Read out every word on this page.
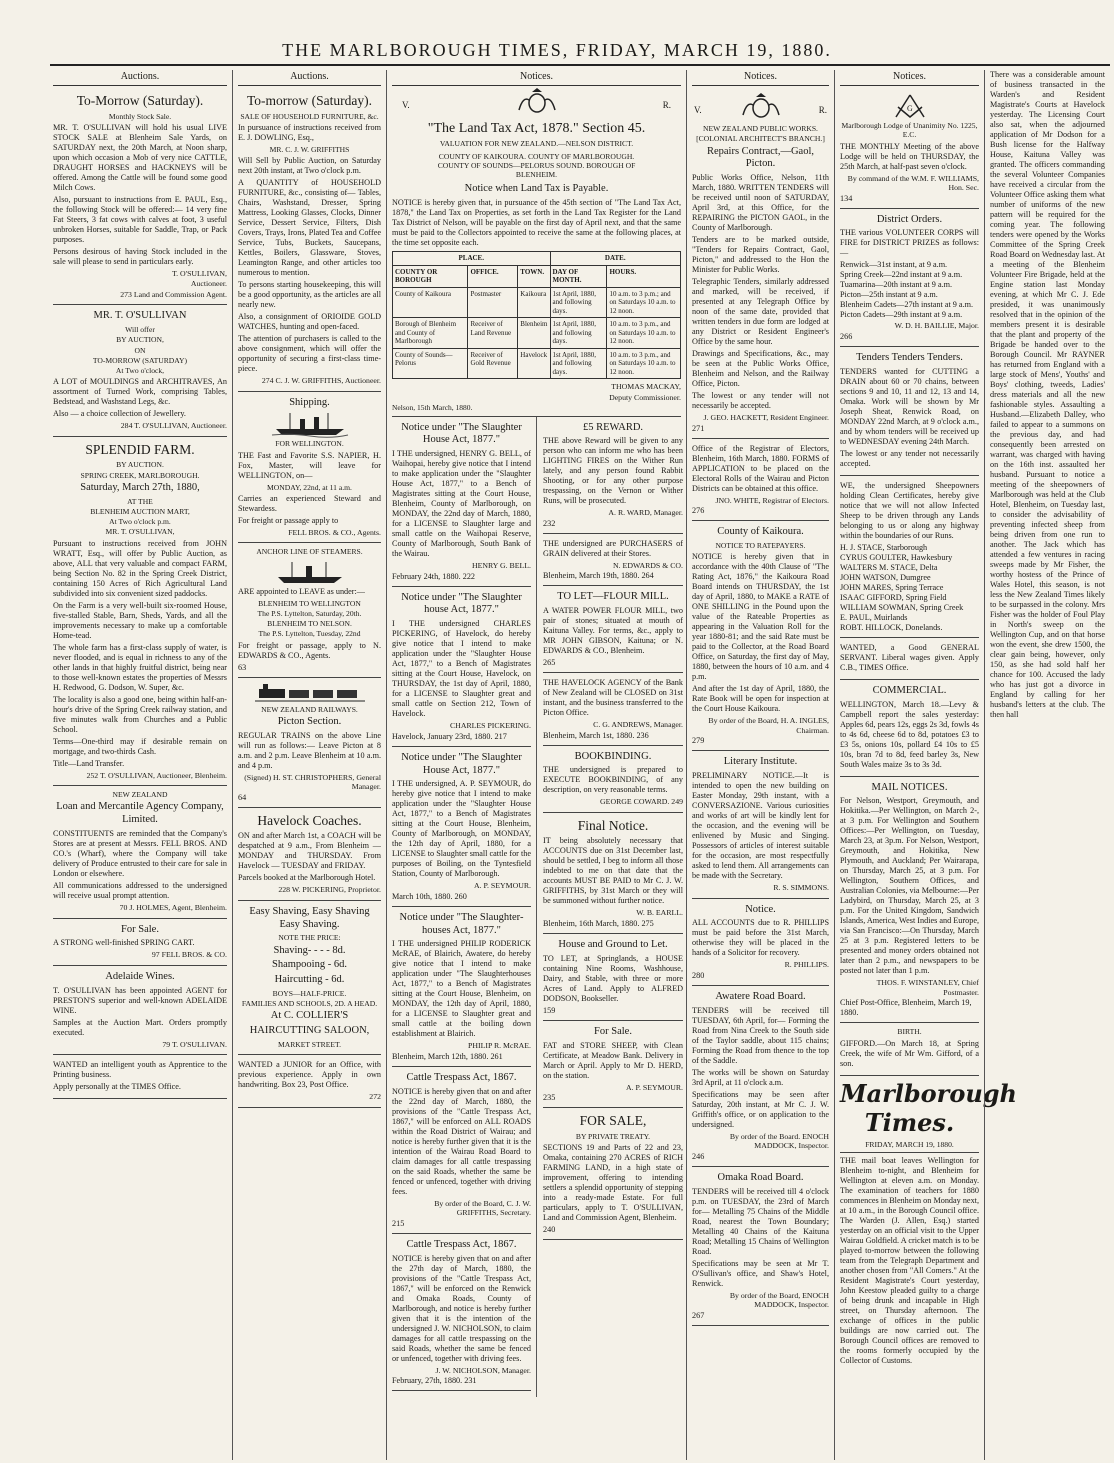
THE MARLBOROUGH TIMES, FRIDAY, MARCH 19, 1880.
Auctions.
To-Morrow (Saturday).
Monthly Stock Sale.

MR. T. O'SULLIVAN will hold his usual LIVE STOCK SALE at Blenheim Sale Yards, on SATURDAY next, the 20th March, at Noon sharp, upon which occasion a Mob of very nice CATTLE, DRAUGHT HORSES and HACKNEYS will be offered. Among the Cattle will be found some good Milch Cows.

Also, pursuant to instructions from E. PAUL, Esq., the following Stock will be offered:— 14 very fine Fat Steers, 3 fat cows with calves at foot, 3 useful unbroken Horses, suitable for Saddle, Trap, or Pack purposes.

Persons desirous of having Stock included in the sale will please to send in particulars early.

T. O'SULLIVAN,
Auctioneer.
273 Land and Commission Agent.
MR. T. O'SULLIVAN
Will offer
BY AUCTION,
ON
TO-MORROW (SATURDAY)
At Two o'clock,

A LOT of MOULDINGS and ARCHITRAVES, An assortment of Turned Work, comprising Tables, Bedstead, and Washstand Legs, &c.

Also — a choice collection of Jewellery.

284 T. O'SULLIVAN, Auctioneer.
SPLENDID FARM.
BY AUCTION.
SPRING CREEK, MARLBOROUGH.
Saturday, March 27th, 1880,
AT THE
BLENHEIM AUCTION MART,
At Two o'clock p.m.
MR. T. O'SULLIVAN,

Pursuant to instructions received from JOHN WRATT, Esq., will offer by Public Auction, as above, ALL that very valuable and compact FARM, being Section No. 82 in the Spring Creek District, containing 150 Acres of Rich Agricultural Land subdivided into six convenient sized paddocks.

On the Farm is a very well-built six-roomed House, five-stalled Stable, Barn, Sheds, Yards, and all the improvements necessary to make up a comfortable Home-tead.

The whole farm has a first-class supply of water, is never flooded, and is equal in richness to any of the other lands in that highly fruitful district, being near to those well-known estates the properties of Messrs H. Redwood, G. Dodson, W. Super, &c.

The locality is also a good one, being within half-an-hour's drive of the Spring Creek railway station, and five minutes walk from Churches and a Public School.

Terms—One-third may if desirable remain on mortgage, and two-thirds Cash.

Title—Land Transfer.

252 T. O'SULLIVAN, Auctioneer, Blenheim.
NEW ZEALAND
Loan and Mercantile Agency Company, Limited.

CONSTITUENTS are reminded that the Company's Stores are at present at Messrs. FELL BROS. AND CO.'s (Wharf), where the Company will take delivery of Produce entrusted to their care for sale in London or elsewhere.

All communications addressed to the undersigned will receive usual prompt attention.

70 J. HOLMES, Agent, Blenheim.
For Sale.

A STRONG well-finished SPRING CART.

97 FELL BROS. & CO.
Adelaide Wines.

T. O'SULLIVAN has been appointed AGENT for PRESTON'S superior and well-known ADELAIDE WINE.

Samples at the Auction Mart. Orders promptly executed.

79 T. O'SULLIVAN.

WANTED an intelligent youth as Apprentice to the Printing business.

Apply personally at the TIMES Office.

Auctions.
To-morrow (Saturday).
SALE OF HOUSEHOLD FURNITURE, &c.

In pursuance of instructions received from E. J. DOWLING, Esq.,

MR. C. J. W. GRIFFITHS

Will Sell by Public Auction, on Saturday next 20th instant, at Two o'clock p.m.

A QUANTITY of HOUSEHOLD FURNITURE, &c., consisting of— Tables, Chairs, Washstand, Dresser, Spring Mattress, Looking Glasses, Clocks, Dinner Service, Dessert Service, Filters, Dish Covers, Trays, Irons, Plated Tea and Coffee Service, Tubs, Buckets, Saucepans, Kettles, Boilers, Glassware, Stoves, Leamington Range, and other articles too numerous to mention.

To persons starting housekeeping, this will be a good opportunity, as the articles are all nearly new.

Also, a consignment of ORIOIDE GOLD WATCHES, hunting and open-faced.

The attention of purchasers is called to the above consignment, which will offer the opportunity of securing a first-class time-piece.

274 C. J. W. GRIFFITHS, Auctioneer.
Shipping.
FOR WELLINGTON.

THE Fast and Favorite S.S. NAPIER, H. Fox, Master, will leave for WELLINGTON, on—

MONDAY, 22nd, at 11 a.m.

Carries an experienced Steward and Stewardess.

For freight or passage apply to

FELL BROS. & CO., Agents.
ANCHOR LINE OF STEAMERS.

ARE appointed to LEAVE as under:—

BLENHEIM TO WELLINGTON
The P.S. Lyttelton, Saturday, 20th.
BLENHEIM TO NELSON.
The P.S. Lyttelton, Tuesday, 22nd

For freight or passage, apply to N. EDWARDS & CO., Agents.

63
NEW ZEALAND RAILWAYS.
Picton Section.

REGULAR TRAINS on the above Line will run as follows:— Leave Picton at 8 a.m. and 2 p.m. Leave Blenheim at 10 a.m. and 4 p.m.

(Signed) H. ST. CHRISTOPHERS, General Manager.
64
Havelock Coaches.

ON and after March 1st, a COACH will be despatched at 9 a.m., From Blenheim — MONDAY and THURSDAY. From Havelock — TUESDAY and FRIDAY.

Parcels booked at the Marlborough Hotel.

228 W. PICKERING, Proprietor.
Easy Shaving, Easy Shaving Easy Shaving.
NOTE THE PRICE:
Shaving- - - - 8d.
Shampooing - 6d.
Haircutting - 6d.
BOYS—HALF-PRICE.
FAMILIES AND SCHOOLS, 2D. A HEAD.
At C. COLLIER'S
HAIRCUTTING SALOON,
MARKET STREET.

WANTED a JUNIOR for an Office, with previous experience. Apply in own handwriting. Box 23, Post Office.

272
Notices.
V.	R.
"The Land Tax Act, 1878." Section 45.
VALUATION FOR NEW ZEALAND.—NELSON DISTRICT.
COUNTY OF KAIKOURA. COUNTY OF MARLBOROUGH. COUNTY OF SOUNDS—PELORUS SOUND. BOROUGH OF BLENHEIM.
Notice when Land Tax is Payable.

NOTICE is hereby given that, in pursuance of the 45th section of "The Land Tax Act, 1878," the Land Tax on Properties, as set forth in the Land Tax Register for the Land Tax District of Nelson, will be payable on the first day of April next, and that the same must be paid to the Collectors appointed to receive the same at the following places, at the time set opposite each.

PLACE.			DATE.	
COUNTY OR BOROUGH	OFFICE.	TOWN.	DAY OF MONTH.	HOURS.
County of Kaikoura	Postmaster	Kaikoura	1st April, 1880, and following days.	10 a.m. to 3 p.m.; and on Saturdays 10 a.m. to 12 noon.
Borough of Blenheim and County of Marlborough	Receiver of Land Revenue	Blenheim	1st April, 1880, and following days.	10 a.m. to 3 p.m., and on Saturdays 10 a.m. to 12 noon.
County of Sounds—Pelorus	Receiver of Gold Revenue	Havelock	1st April, 1880, and following days.	10 a.m. to 3 p.m., and on Saturdays 10 a.m. to 12 noon.
THOMAS MACKAY,
Deputy Commissioner.
Nelson, 15th March, 1880.
Notice under "The Slaughter House Act, 1877."

I THE undersigned, HENRY G. BELL, of Waihopai, hereby give notice that I intend to make application under the "Slaughter House Act, 1877," to a Bench of Magistrates sitting at the Court House, Blenheim, County of Marlborough, on MONDAY, the 22nd day of March, 1880, for a LICENSE to Slaughter large and small cattle on the Waihopai Reserve, County of Marlborough, South Bank of the Wairau.

HENRY G. BELL.
February 24th, 1880. 222
Notice under "The Slaughter house Act, 1877."

I THE undersigned CHARLES PICKERING, of Havelock, do hereby give notice that I intend to make application under the "Slaughter House Act, 1877," to a Bench of Magistrates sitting at the Court House, Havelock, on THURSDAY, the 1st day of April, 1880, for a LICENSE to Slaughter great and small cattle on Section 212, Town of Havelock.

CHARLES PICKERING.
Havelock, January 23rd, 1880. 217
Notice under "The Slaughter House Act, 1877."

I THE undersigned, A. P. SEYMOUR, do hereby give notice that I intend to make application under the "Slaughter House Act, 1877," to a Bench of Magistrates sitting at the Court House, Blenheim, County of Marlborough, on MONDAY, the 12th day of April, 1880, for a LICENSE to Slaughter small cattle for the purposes of Boiling, on the Tyntesfield Station, County of Marlborough.

A. P. SEYMOUR.
March 10th, 1880. 260
Notice under "The Slaughter-houses Act, 1877."

I THE undersigned PHILIP RODERICK McRAE, of Blairich, Awatere, do hereby give notice that I intend to make application under "The Slaughterhouses Act, 1877," to a Bench of Magistrates sitting at the Court House, Blenheim, on MONDAY, the 12th day of April, 1880, for a LICENSE to Slaughter great and small cattle at the boiling down establishment at Blairich.

PHILIP R. McRAE.
Blenheim, March 12th, 1880. 261
Cattle Trespass Act, 1867.

NOTICE is hereby given that on and after the 22nd day of March, 1880, the provisions of the "Cattle Trespass Act, 1867," will be enforced on ALL ROADS within the Road District of Wairau; and notice is hereby further given that it is the intention of the Wairau Road Board to claim damages for all cattle trespassing on the said Roads, whether the same be fenced or unfenced, together with driving fees.

By order of the Board, C. J. W. GRIFFITHS, Secretary.
215
Cattle Trespass Act, 1867.

NOTICE is hereby given that on and after the 27th day of March, 1880, the provisions of the "Cattle Trespass Act, 1867," will be enforced on the Renwick and Omaka Roads, County of Marlborough, and notice is hereby further given that it is the intention of the undersigned J. W. NICHOLSON, to claim damages for all cattle trespassing on the said Roads, whether the same be fenced or unfenced, together with driving fees.

J. W. NICHOLSON, Manager.
February, 27th, 1880. 231
£5 REWARD.

THE above Reward will be given to any person who can inform me who has been LIGHTING FIRES on the Wither Run lately, and any person found Rabbit Shooting, or for any other purpose trespassing, on the Vernon or Wither Runs, will be prosecuted.

A. R. WARD, Manager.
232

THE undersigned are PURCHASERS of GRAIN delivered at their Stores.

N. EDWARDS & CO.
Blenheim, March 19th, 1880. 264
TO LET—FLOUR MILL.

A WATER POWER FLOUR MILL, two pair of stones; situated at mouth of Kaituna Valley. For terms, &c., apply to MR JOHN GIBSON, Kaituna; or N. EDWARDS & CO., Blenheim.

265

THE HAVELOCK AGENCY of the Bank of New Zealand will be CLOSED on 31st instant, and the business transferred to the Picton Office.

C. G. ANDREWS, Manager.
Blenheim, March 1st, 1880. 236
BOOKBINDING.

THE undersigned is prepared to EXECUTE BOOKBINDING, of any description, on very reasonable terms.

GEORGE COWARD. 249
Final Notice.

IT being absolutely necessary that ACCOUNTS due on 31st December last, should be settled, I beg to inform all those indebted to me on that date that the accounts MUST BE PAID to Mr C. J. W. GRIFFITHS, by 31st March or they will be summoned without further notice.

W. B. EARLL.
Blenheim, 16th March, 1880. 275
House and Ground to Let.

TO LET, at Springlands, a HOUSE containing Nine Rooms, Washhouse, Dairy, and Stable, with three or more Acres of Land. Apply to ALFRED DODSON, Bookseller.

159
For Sale.

FAT and STORE SHEEP, with Clean Certificate, at Meadow Bank. Delivery in March or April. Apply to Mr D. HERD, on the station.

A. P. SEYMOUR.
235
FOR SALE,
BY PRIVATE TREATY.

SECTIONS 19 and Parts of 22 and 23, Omaka, containing 270 ACRES of RICH FARMING LAND, in a high state of improvement, offering to intending settlers a splendid opportunity of stepping into a ready-made Estate. For full particulars, apply to T. O'SULLIVAN, Land and Commission Agent, Blenheim.

240
Notices.
V.	R.
NEW ZEALAND PUBLIC WORKS.
[COLONIAL ARCHITECT'S BRANCH.]
Repairs Contract,—Gaol, Picton.

Public Works Office, Nelson, 11th March, 1880. WRITTEN TENDERS will be received until noon of SATURDAY, April 3rd, at this Office, for the REPAIRING the PICTON GAOL, in the County of Marlborough.

Tenders are to be marked outside, "Tenders for Repairs Contract, Gaol, Picton," and addressed to the Hon the Minister for Public Works.

Telegraphic Tenders, similarly addressed and marked, will be received, if presented at any Telegraph Office by noon of the same date, provided that written tenders in due form are lodged at any District or Resident Engineer's Office by the same hour.

Drawings and Specifications, &c., may be seen at the Public Works Office, Blenheim and Nelson, and the Railway Office, Picton.

The lowest or any tender will not necessarily be accepted.

J. GEO. HACKETT, Resident Engineer.
271

Office of the Registrar of Electors, Blenheim, 16th March, 1880. FORMS of APPLICATION to be placed on the Electoral Rolls of the Wairau and Picton Districts can be obtained at this office.

JNO. WHITE, Registrar of Electors.
276
County of Kaikoura.
NOTICE TO RATEPAYERS.

NOTICE is hereby given that in accordance with the 40th Clause of "The Rating Act, 1876," the Kaikoura Road Board intends on THURSDAY, the 1st day of April, 1880, to MAKE a RATE of ONE SHILLING in the Pound upon the value of the Rateable Properties as appearing in the Valuation Roll for the year 1880-81; and the said Rate must be paid to the Collector, at the Road Board Office, on Saturday, the first day of May, 1880, between the hours of 10 a.m. and 4 p.m.

And after the 1st day of April, 1880, the Rate Book will be open for inspection at the Court House Kaikoura.

By order of the Board, H. A. INGLES, Chairman.
279
Literary Institute.

PRELIMINARY NOTICE.—It is intended to open the new building on Easter Monday, 29th instant, with a CONVERSAZIONE. Various curiosities and works of art will be kindly lent for the occasion, and the evening will be enlivened by Music and Singing. Possessors of articles of interest suitable for the occasion, are most respectfully asked to lend them. All arrangements can be made with the Secretary.

R. S. SIMMONS.
Notice.

ALL ACCOUNTS due to R. PHILLIPS must be paid before the 31st March, otherwise they will be placed in the hands of a Solicitor for recovery.

R. PHILLIPS.
280
Awatere Road Board.

TENDERS will be received till TUESDAY, 6th April, for— Forming the Road from Nina Creek to the South side of the Taylor saddle, about 115 chains; Forming the Road from thence to the top of the Saddle.

The works will be shown on Saturday 3rd April, at 11 o'clock a.m.

Specifications may be seen after Saturday, 20th instant, at Mr C. J. W. Griffith's office, or on application to the undersigned.

By order of the Board. ENOCH MADDOCK, Inspector.
246
Omaka Road Board.

TENDERS will be received till 4 o'clock p.m. on TUESDAY, the 23rd of March for— Metalling 75 Chains of the Middle Road, nearest the Town Boundary; Metalling 40 Chains of the Kaituna Road; Metalling 15 Chains of Wellington Road.

Specifications may be seen at Mr T. O'Sullivan's office, and Shaw's Hotel, Renwick.

By order of the Board, ENOCH MADDOCK, Inspector.
267
Notices.
G
Marlborough Lodge of Unanimity No. 1225, E.C.

THE MONTHLY Meeting of the above Lodge will be held on THURSDAY, the 25th March, at half-past seven o'clock.

By command of the W.M. F. WILLIAMS, Hon. Sec.
134
District Orders.

THE various VOLUNTEER CORPS will FIRE for DISTRICT PRIZES as follows:—

Renwick—31st instant, at 9 a.m.
Spring Creek—22nd instant at 9 a.m.
Tuamarina—20th instant at 9 a.m.
Picton—25th instant at 9 a.m.
Blenheim Cadets—27th instant at 9 a.m.
Picton Cadets—29th instant at 9 a.m.
W. D. H. BAILLIE, Major.
266
Tenders Tenders Tenders.

TENDERS wanted for CUTTING a DRAIN about 60 or 70 chains, between sections 9 and 10, 11 and 12, 13 and 14, Omaka. Work will be shown by Mr Joseph Sheat, Renwick Road, on MONDAY 22nd March, at 9 o'clock a.m., and by whom tenders will be received up to WEDNESDAY evening 24th March.

The lowest or any tender not necessarily accepted.

WE, the undersigned Sheepowners holding Clean Certificates, hereby give notice that we will not allow Infected Sheep to be driven through any Lands belonging to us or along any highway within the boundaries of our Runs.

H. J. STACE, Starborough
CYRUS GOULTER, Hawkesbury
WALTERS M. STACE, Delta
JOHN WATSON, Dumgree
JOHN MARES, Spring Terrace
ISAAC GIFFORD, Spring Field
WILLIAM SOWMAN, Spring Creek
E. PAUL, Muirlands
ROBT. HILLOCK, Donelands.

WANTED, a Good GENERAL SERVANT. Liberal wages given. Apply C.B., TIMES Office.

COMMERCIAL.

WELLINGTON, March 18.—Levy & Campbell report the sales yesterday: Apples 6d, pears 12s, eggs 2s 3d, fowls 4s to 4s 6d, cheese 6d to 8d, potatoes £3 to £3 5s, onions 10s, pollard £4 10s to £5 10s, bran 7d to 8d, feed barley 3s, New South Wales maize 3s to 3s 3d.

MAIL NOTICES.

For Nelson, Westport, Greymouth, and Hokitika.—Per Wellington, on March 2-, at 3 p.m. For Wellington and Southern Offices:—Per Wellington, on Tuesday, March 23, at 3p.m. For Nelson, Westport, Greymouth, and Hokitika, New Plymouth, and Auckland; Per Wairarapa, on Thursday, March 25, at 3 p.m. For Wellington, Southern Offices, and Australian Colonies, via Melbourne:—Per Ladybird, on Thursday, March 25, at 3 p.m. For the United Kingdom, Sandwich Islands, America, West Indies and Europe, via San Francisco:—On Thursday, March 25 at 3 p.m. Registered letters to be presented and money orders obtained not later than 2 p.m., and newspapers to be posted not later than 1 p.m.

THOS. F. WINSTANLEY, Chief Postmaster.
Chief Post-Office, Blenheim, March 19, 1880.
BIRTH.

GIFFORD.—On March 18, at Spring Creek, the wife of Mr Wm. Gifford, of a son.

Marlborough Times.
FRIDAY, MARCH 19, 1880.

THE mail boat leaves Wellington for Blenheim to-night, and Blenheim for Wellington at eleven a.m. on Monday. The examination of teachers for 1880 commences in Blenheim on Monday next, at 10 a.m., in the Borough Council office. The Warden (J. Allen, Esq.) started yesterday on an official visit to the Upper Wairau Goldfield. A cricket match is to be played to-morrow between the following team from the Telegraph Department and another chosen from "All Comers." At the Resident Magistrate's Court yesterday, John Keestow pleaded guilty to a charge of being drunk and incapable in High street, on Thursday afternoon. The exchange of offices in the public buildings are now carried out. The Borough Council offices are removed to the rooms formerly occupied by the Collector of Customs.

There was a considerable amount of business transacted in the Warden's and Resident Magistrate's Courts at Havelock yesterday. The Licensing Court also sat, when the adjourned application of Mr Dodson for a Bush license for the Halfway House, Kaituna Valley was granted. The officers commanding the several Volunteer Companies have received a circular from the Volunteer Office asking them what number of uniforms of the new pattern will be required for the coming year. The following tenders were opened by the Works Committee of the Spring Creek Road Board on Wednesday last. At a meeting of the Blenheim Volunteer Fire Brigade, held at the Engine station last Monday evening, at which Mr C. J. Ede presided, it was unanimously resolved that in the opinion of the members present it is desirable that the plant and property of the Brigade be handed over to the Borough Council. Mr RAYNER has returned from England with a large stock of Mens', Youths' and Boys' clothing, tweeds, Ladies' dress materials and all the new fashionable styles. Assaulting a Husband.—Elizabeth Dalley, who failed to appear to a summons on the previous day, and had consequently been arrested on warrant, was charged with having on the 16th inst. assaulted her husband. Pursuant to notice a meeting of the sheepowners of Marlborough was held at the Club Hotel, Blenheim, on Tuesday last, to consider the advisability of preventing infected sheep from being driven from one run to another. The Jack which has attended a few ventures in racing sweeps made by Mr Fisher, the worthy hostess of the Prince of Wales Hotel, this season, is not less the New Zealand Times likely to be surpassed in the colony. Mrs Fisher was the holder of Foul Play in North's sweep on the Wellington Cup, and on that horse won the event, she drew 1500, the clear gain being, however, only 150, as she had sold half her chance for 100. Accused the lady who has just got a divorce in England by calling for her husband's letters at the club. The then hall
